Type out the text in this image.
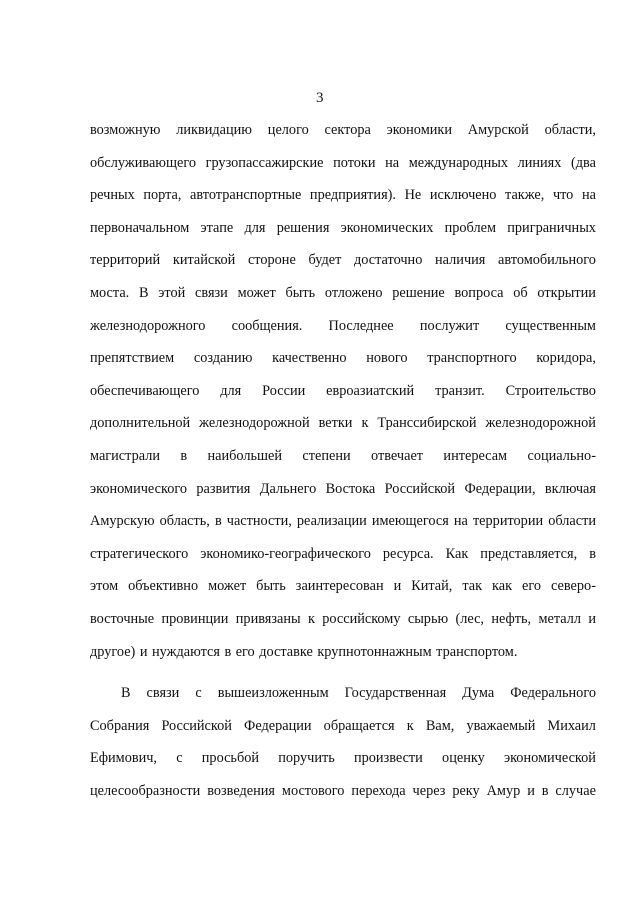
3
возможную ликвидацию целого сектора экономики Амурской области,
обслуживающего грузопассажирские потоки на международных линиях (два
речных порта, автотранспортные предприятия). Не исключено также, что на
первоначальном этапе для решения экономических проблем приграничных
территорий китайской стороне будет достаточно наличия автомобильного
моста. В этой связи может быть отложено решение вопроса об открытии
железнодорожного сообщения. Последнее послужит существенным
препятствием созданию качественно нового транспортного коридора,
обеспечивающего для России евроазиатский транзит. Строительство
дополнительной железнодорожной ветки к Транссибирской железнодорожной
магистрали в наибольшей степени отвечает интересам социально-
экономического развития Дальнего Востока Российской Федерации, включая
Амурскую область, в частности, реализации имеющегося на территории области
стратегического экономико-географического ресурса. Как представляется, в
этом объективно может быть заинтересован и Китай, так как его северо-
восточные провинции привязаны к российскому сырью (лес, нефть, металл и
другое) и нуждаются в его доставке крупнотоннажным транспортом.
В связи с вышеизложенным Государственная Дума Федерального
Собрания Российской Федерации обращается к Вам, уважаемый Михаил
Ефимович, с просьбой поручить произвести оценку экономической
целесообразности возведения мостового перехода через реку Амур и в случае
